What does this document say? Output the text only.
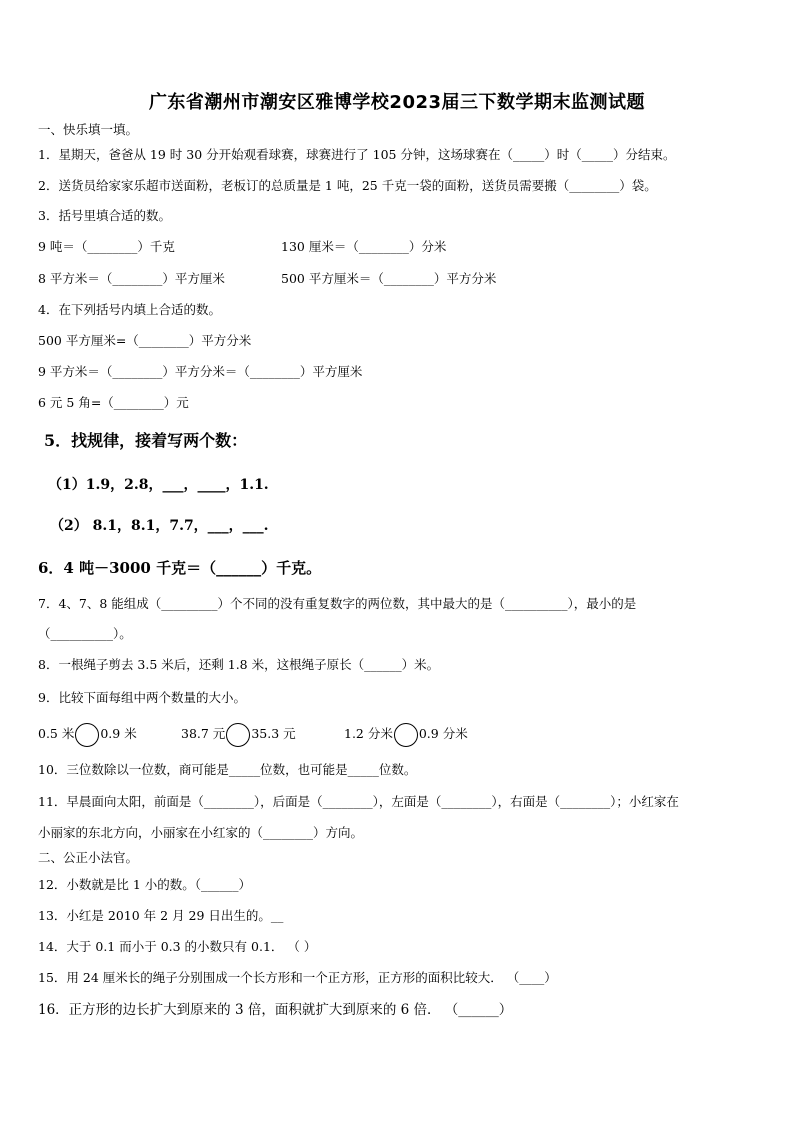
广东省潮州市潮安区雅博学校2023届三下数学期末监测试题
一、快乐填一填。
1．星期天，爸爸从 19 时 30 分开始观看球赛，球赛进行了 105 分钟，这场球赛在（_____）时（_____）分结束。
2．送货员给家家乐超市送面粉，老板订的总质量是 1 吨，25 千克一袋的面粉，送货员需要搬（________）袋。
3．括号里填合适的数。
9 吨＝（________）千克	130 厘米＝（________）分米
8 平方米＝（________）平方厘米	500 平方厘米＝（________）平方分米
4．在下列括号内填上合适的数。
500 平方厘米=（________）平方分米
9 平方米＝（________）平方分米＝（________）平方厘米
6 元 5 角=（________）元
5．找规律，接着写两个数：
（1）1.9，2.8，___，____，1.1.
（2） 8.1，8.1，7.7，___，___.
6．4 吨－3000 千克＝（______）千克。
7．4、7、8 能组成（_________）个不同的没有重复数字的两位数，其中最大的是（__________），最小的是
（__________）。
8．一根绳子剪去 3.5 米后，还剩 1.8 米，这根绳子原长（______）米。
9．比较下面每组中两个数量的大小。
0.5 米 0.9 米	38.7 元 35.3 元	1.2 分米 0.9 分米
10．三位数除以一位数，商可能是_____位数，也可能是_____位数。
11．早晨面向太阳，前面是（________），后面是（________），左面是（________），右面是（________）；小红家在
小丽家的东北方向，小丽家在小红家的（________）方向。
二、公正小法官。
12．小数就是比 1 小的数。（______）
13．小红是 2010 年 2 月 29 日出生的。__
14．大于 0.1 而小于 0.3 的小数只有 0.1． （ ）
15．用 24 厘米长的绳子分别围成一个长方形和一个正方形，正方形的面积比较大． （____）
16．正方形的边长扩大到原来的 3 倍，面积就扩大到原来的 6 倍． （______）
